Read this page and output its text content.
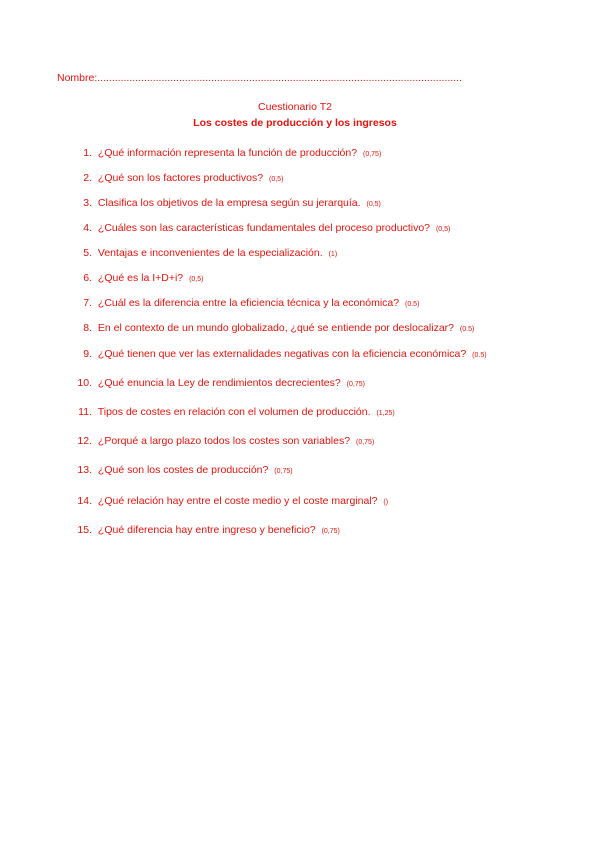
Nombre:.............................................................................................................................
Cuestionario T2
Los costes de producción y los ingresos
1. ¿Qué información representa la función de producción? (0,75)
2. ¿Qué son los factores productivos? (0,5)
3. Clasifica los objetivos de la empresa según su jerarquía. (0,5)
4. ¿Cuáles son las características fundamentales del proceso productivo? (0,5)
5. Ventajas e inconvenientes de la especialización. (1)
6. ¿Qué es la I+D+i? (0,5)
7. ¿Cuál es la diferencia entre la eficiencia técnica y la económica? (0.5)
8. En el contexto de un mundo globalizado, ¿qué se entiende por deslocalizar? (0.5)
9. ¿Qué tienen que ver las externalidades negativas con la eficiencia económica? (0.5)
10. ¿Qué enuncia la Ley de rendimientos decrecientes? (0,75)
11. Tipos de costes en relación con el volumen de producción. (1,25)
12. ¿Porqué a largo plazo todos los costes son variables? (0,75)
13. ¿Qué son los costes de producción? (0,75)
14. ¿Qué relación hay entre el coste medio y el coste marginal? ()
15. ¿Qué diferencia hay entre ingreso y beneficio? (0,75)
